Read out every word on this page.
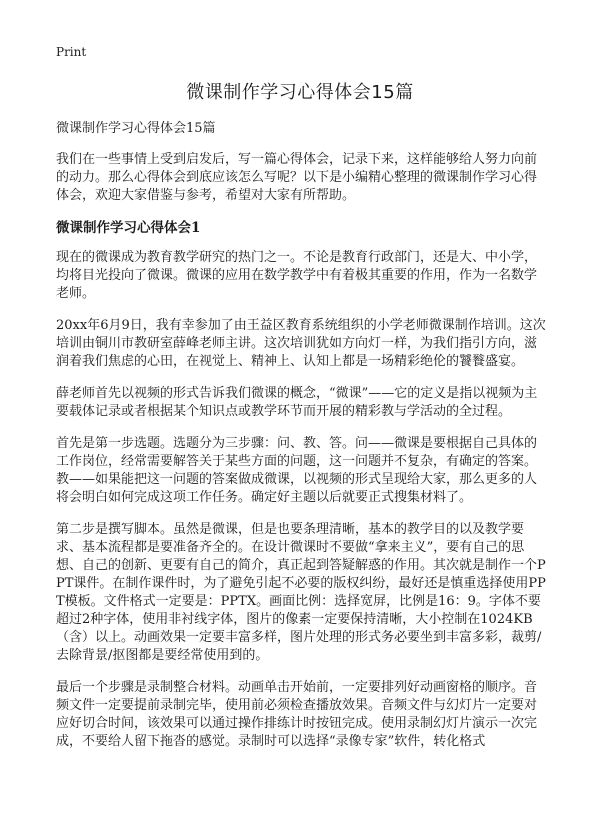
Print
微课制作学习心得体会15篇
微课制作学习心得体会15篇

我们在一些事情上受到启发后，写一篇心得体会，记录下来，这样能够给人努力向前的动力。那么心得体会到底应该怎么写呢？以下是小编精心整理的微课制作学习心得体会，欢迎大家借鉴与参考，希望对大家有所帮助。

微课制作学习心得体会1

现在的微课成为教育教学研究的热门之一。不论是教育行政部门，还是大、中小学，均将目光投向了微课。微课的应用在数学教学中有着极其重要的作用，作为一名数学老师。

20xx年6月9日，我有幸参加了由王益区教育系统组织的小学老师微课制作培训。这次培训由铜川市教研室薛峰老师主讲。这次培训犹如方向灯一样，为我们指引方向，滋润着我们焦虑的心田，在视觉上、精神上、认知上都是一场精彩绝伦的饕餮盛宴。

薛老师首先以视频的形式告诉我们微课的概念，“微课”——它的定义是指以视频为主要载体记录或者根据某个知识点或教学环节而开展的精彩教与学活动的全过程。

首先是第一步选题。选题分为三步骤：问、教、答。问——微课是要根据自己具体的工作岗位，经常需要解答关于某些方面的问题，这一问题并不复杂，有确定的答案。教——如果能把这一问题的答案做成微课，以视频的形式呈现给大家，那么更多的人将会明白如何完成这项工作任务。确定好主题以后就要正式搜集材料了。

第二步是撰写脚本。虽然是微课，但是也要条理清晰，基本的教学目的以及教学要求、基本流程都是要准备齐全的。在设计微课时不要做“拿来主义”，要有自己的思想、自己的创新、更要有自己的简介，真正起到答疑解惑的作用。其次就是制作一个PPT课件。在制作课件时，为了避免引起不必要的版权纠纷，最好还是慎重选择使用PPT模板。文件格式一定要是：PPTX。画面比例：选择宽屏，比例是16：9。字体不要超过2种字体，使用非衬线字体，图片的像素一定要保持清晰，大小控制在1024KB（含）以上。动画效果一定要丰富多样，图片处理的形式务必要坐到丰富多彩，裁剪/去除背景/抠图都是要经常使用到的。

最后一个步骤是录制整合材料。动画单击开始前，一定要排列好动画窗格的顺序。音频文件一定要提前录制完毕，使用前必须检查播放效果。音频文件与幻灯片一定要对应好切合时间，该效果可以通过操作排练计时按钮完成。使用录制幻灯片演示一次完成，不要给人留下拖沓的感觉。录制时可以选择“录像专家”软件，转化格式
